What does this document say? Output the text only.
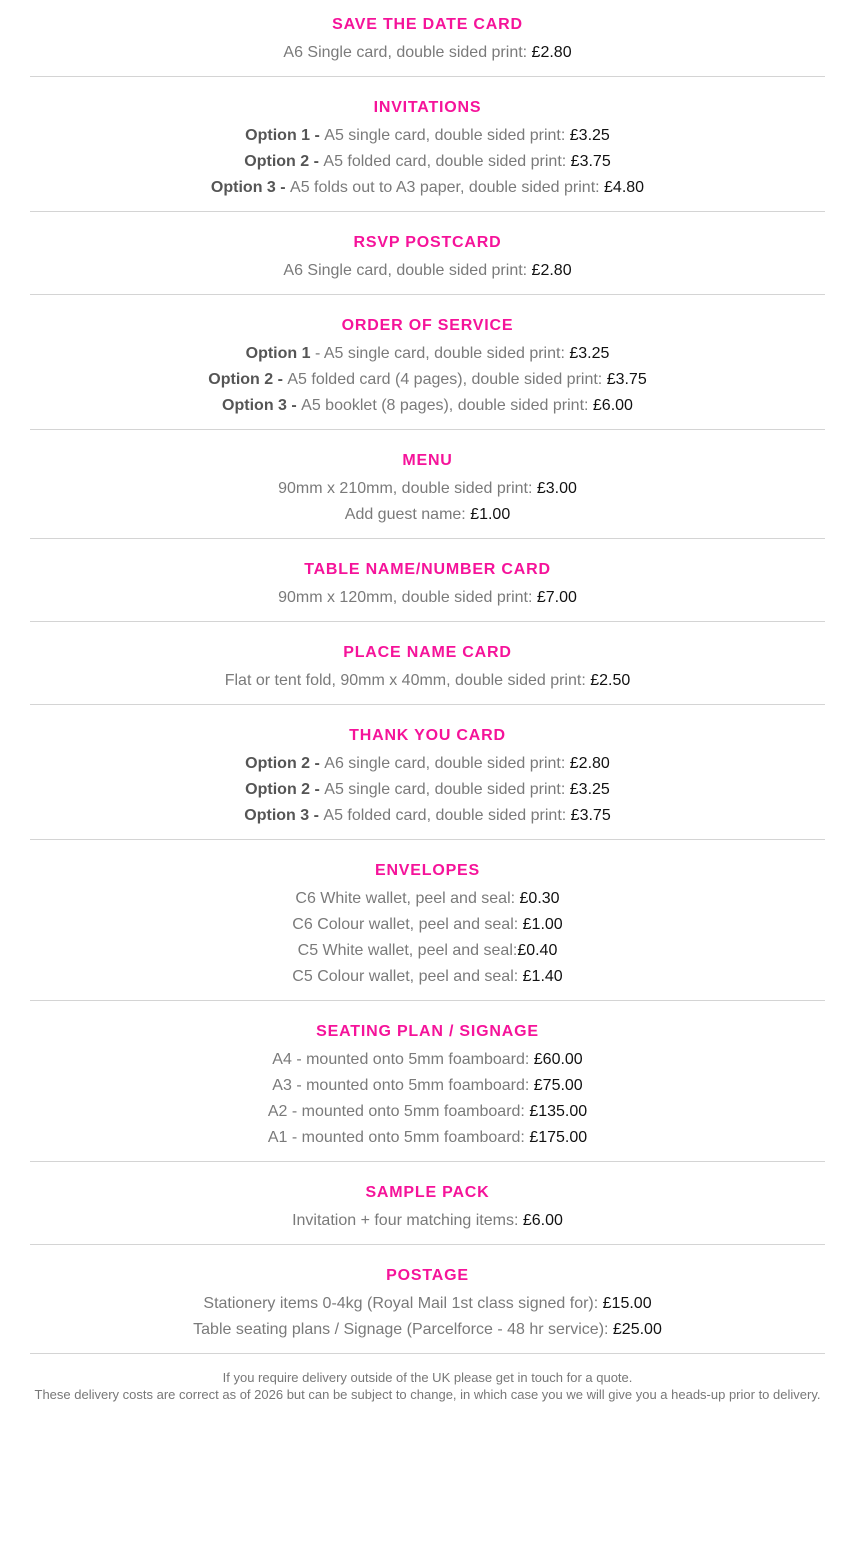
SAVE THE DATE CARD
A6 Single card, double sided print: £2.80
INVITATIONS
Option 1 - A5 single card, double sided print: £3.25
Option 2 - A5 folded card, double sided print: £3.75
Option 3 - A5 folds out to A3 paper, double sided print: £4.80
RSVP POSTCARD
A6 Single card, double sided print: £2.80
ORDER OF SERVICE
Option 1 - A5 single card, double sided print: £3.25
Option 2 - A5 folded card (4 pages), double sided print: £3.75
Option 3 - A5 booklet (8 pages), double sided print: £6.00
MENU
90mm x 210mm, double sided print: £3.00
Add guest name: £1.00
TABLE NAME/NUMBER CARD
90mm x 120mm, double sided print: £7.00
PLACE NAME CARD
Flat or tent fold, 90mm x 40mm, double sided print: £2.50
THANK YOU CARD
Option 2 - A6 single card, double sided print: £2.80
Option 2 - A5 single card, double sided print: £3.25
Option 3 - A5 folded card, double sided print: £3.75
ENVELOPES
C6 White wallet, peel and seal: £0.30
C6 Colour wallet, peel and seal: £1.00
C5 White wallet, peel and seal:£0.40
C5 Colour wallet, peel and seal: £1.40
SEATING PLAN / SIGNAGE
A4 - mounted onto 5mm foamboard: £60.00
A3 - mounted onto 5mm foamboard: £75.00
A2 - mounted onto 5mm foamboard: £135.00
A1 - mounted onto 5mm foamboard: £175.00
SAMPLE PACK
Invitation + four matching items: £6.00
POSTAGE
Stationery items 0-4kg (Royal Mail 1st class signed for): £15.00
Table seating plans / Signage (Parcelforce - 48 hr service): £25.00
If you require delivery outside of the UK please get in touch for a quote.
These delivery costs are correct as of 2026 but can be subject to change, in which case you we will give you a heads-up prior to delivery.
